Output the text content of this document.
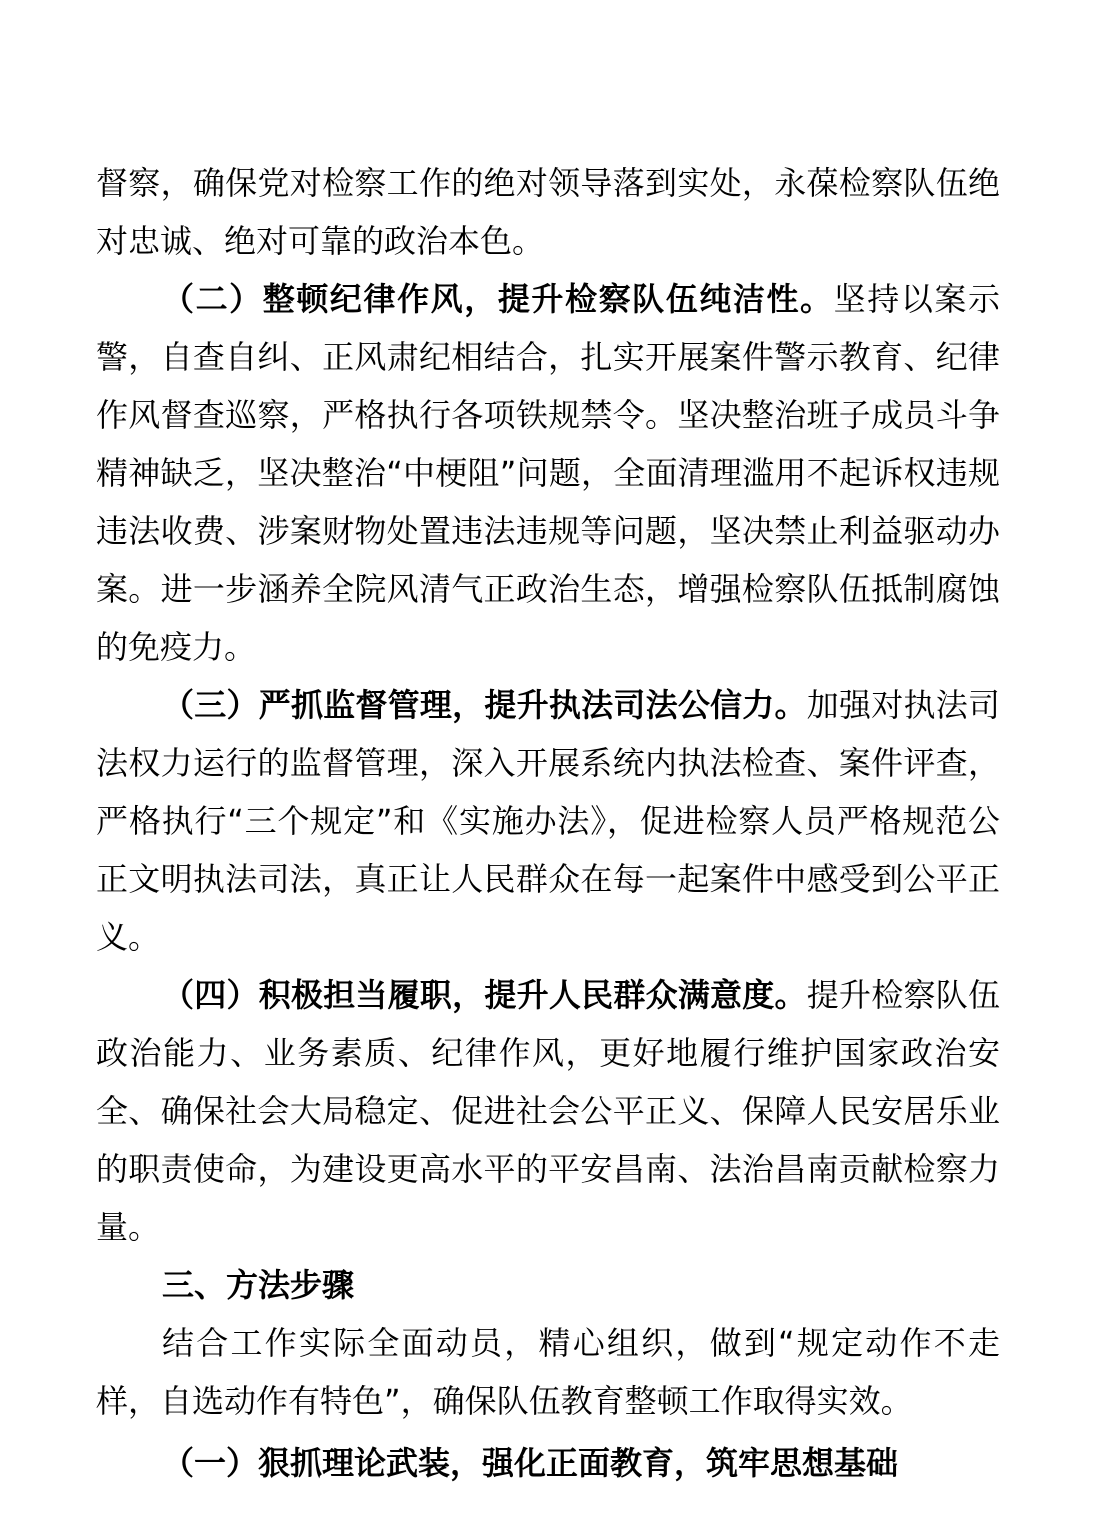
督察，确保党对检察工作的绝对领导落到实处，永葆检察队伍绝对忠诚、绝对可靠的政治本色。

（二）整顿纪律作风，提升检察队伍纯洁性。坚持以案示警，自查自纠、正风肃纪相结合，扎实开展案件警示教育、纪律作风督查巡察，严格执行各项铁规禁令。坚决整治班子成员斗争精神缺乏，坚决整治“中梗阻”问题，全面清理滥用不起诉权违规违法收费、涉案财物处置违法违规等问题，坚决禁止利益驱动办案。进一步涵养全院风清气正政治生态，增强检察队伍抵制腐蚀的免疫力。

（三）严抓监督管理，提升执法司法公信力。加强对执法司法权力运行的监督管理，深入开展系统内执法检查、案件评查，严格执行“三个规定”和《实施办法》，促进检察人员严格规范公正文明执法司法，真正让人民群众在每一起案件中感受到公平正义。

（四）积极担当履职，提升人民群众满意度。提升检察队伍政治能力、业务素质、纪律作风，更好地履行维护国家政治安全、确保社会大局稳定、促进社会公平正义、保障人民安居乐业的职责使命，为建设更高水平的平安昌南、法治昌南贡献检察力量。

三、方法步骤

结合工作实际全面动员，精心组织，做到“规定动作不走样，自选动作有特色”，确保队伍教育整顿工作取得实效。

（一）狠抓理论武装，强化正面教育，筑牢思想基础
